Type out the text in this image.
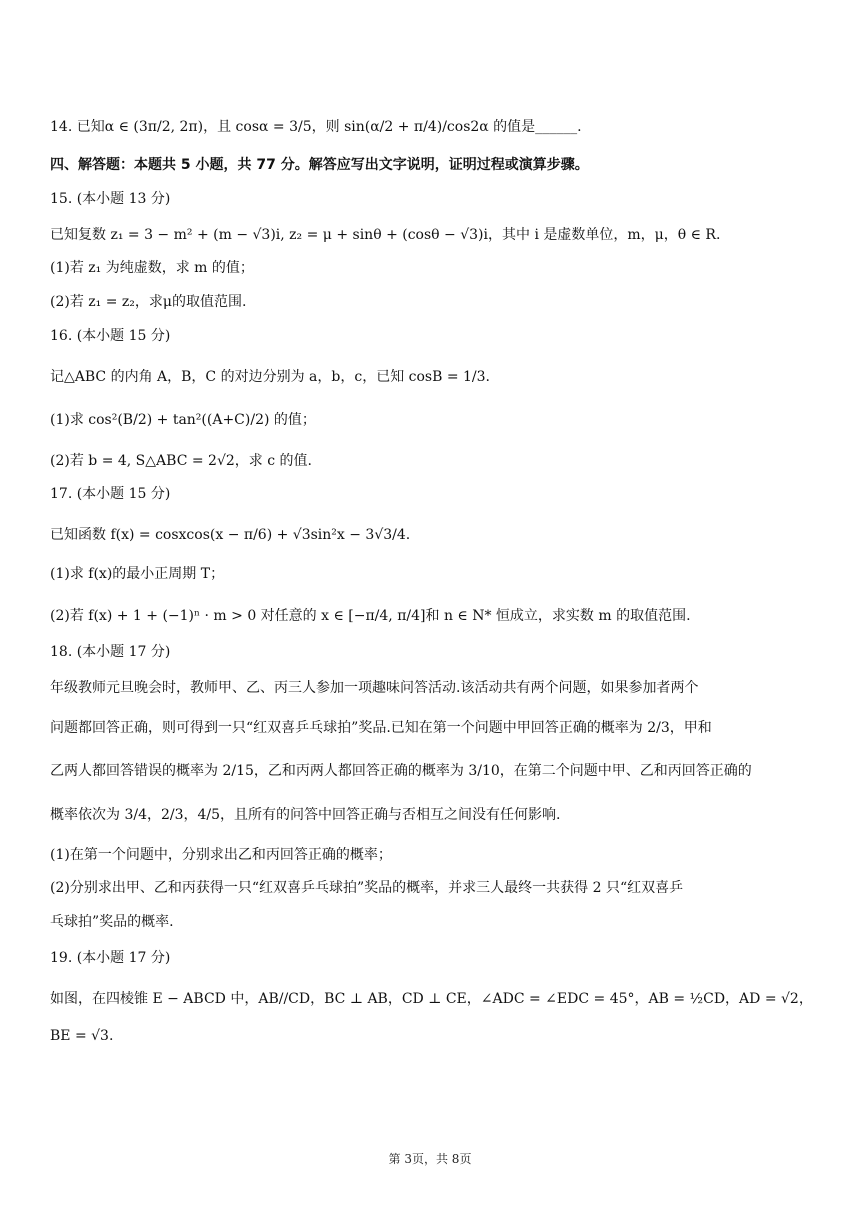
14. 已知α ∈ (3π/2, 2π)，且 cosα = 3/5，则 sin(α/2 + π/4)/cos2α 的值是______.
四、解答题：本题共 5 小题，共 77 分。解答应写出文字说明，证明过程或演算步骤。
15. (本小题 13 分)
已知复数 z₁ = 3 − m² + (m − √3)i, z₂ = μ + sinθ + (cosθ − √3)i，其中 i 是虚数单位，m，μ，θ ∈ R.
(1)若 z₁ 为纯虚数，求 m 的值；
(2)若 z₁ = z₂，求μ的取值范围.
16. (本小题 15 分)
记△ABC 的内角 A，B，C 的对边分别为 a，b，c，已知 cosB = 1/3.
(1)求 cos²(B/2) + tan²((A+C)/2) 的值；
(2)若 b = 4, S△ABC = 2√2，求 c 的值.
17. (本小题 15 分)
已知函数 f(x) = cosxcos(x − π/6) + √3sin²x − 3√3/4.
(1)求 f(x)的最小正周期 T；
(2)若 f(x) + 1 + (−1)ⁿ · m > 0 对任意的 x ∈ [−π/4, π/4]和 n ∈ N* 恒成立，求实数 m 的取值范围.
18. (本小题 17 分)
年级教师元旦晚会时，教师甲、乙、丙三人参加一项趣味问答活动.该活动共有两个问题，如果参加者两个
问题都回答正确，则可得到一只“红双喜乒乓球拍”奖品.已知在第一个问题中甲回答正确的概率为 2/3，甲和
乙两人都回答错误的概率为 2/15，乙和丙两人都回答正确的概率为 3/10，在第二个问题中甲、乙和丙回答正确的
概率依次为 3/4，2/3，4/5，且所有的问答中回答正确与否相互之间没有任何影响.
(1)在第一个问题中，分别求出乙和丙回答正确的概率；
(2)分别求出甲、乙和丙获得一只“红双喜乒乓球拍”奖品的概率，并求三人最终一共获得 2 只“红双喜乒
乓球拍”奖品的概率.
19. (本小题 17 分)
如图，在四棱锥 E − ABCD 中，AB//CD，BC ⊥ AB，CD ⊥ CE，∠ADC = ∠EDC = 45°，AB = ½CD，AD = √2，
BE = √3.
第 3页，共 8页
